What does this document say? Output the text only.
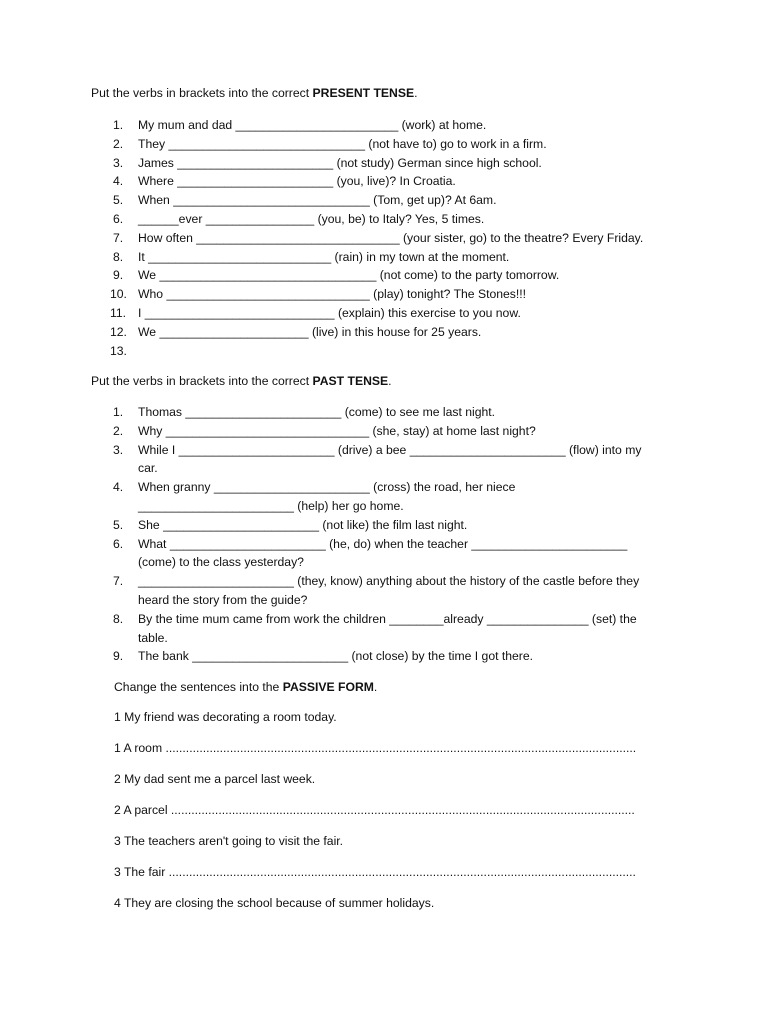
Put the verbs in brackets into the correct PRESENT TENSE.
1. My mum and dad ________________________ (work) at home.
2. They _____________________________ (not have to) go to work in a firm.
3. James _______________________ (not study) German since high school.
4. Where _______________________ (you, live)? In Croatia.
5. When _____________________________ (Tom, get up)? At 6am.
6. ______ever ________________ (you, be) to Italy? Yes, 5 times.
7. How often ______________________________ (your sister, go) to the theatre? Every Friday.
8. It ___________________________ (rain) in my town at the moment.
9. We ________________________________ (not come) to the party tomorrow.
10. Who ______________________________ (play) tonight? The Stones!!!
11. I ____________________________ (explain) this exercise to you now.
12. We ______________________ (live) in this house for 25 years.
13.
Put the verbs in brackets into the correct PAST TENSE.
1. Thomas _______________________ (come) to see me last night.
2. Why ______________________________ (she, stay) at home last night?
3. While I _______________________ (drive) a bee _______________________ (flow) into my
car.
4. When granny _______________________ (cross) the road, her niece
_______________________ (help) her go home.
5. She _______________________ (not like) the film last night.
6. What _______________________ (he, do) when the teacher _______________________
(come) to the class yesterday?
7. _______________________ (they, know) anything about the history of the castle before they
heard the story from the guide?
8. By the time mum came from work the children ________already _______________ (set) the
table.
9. The bank _______________________ (not close) by the time I got there.
Change the sentences into the PASSIVE FORM.
1 My friend was decorating a room today.
1 A room ...........................................................................................................................................
2 My dad sent me a parcel last week.
2 A parcel .........................................................................................................................................
3 The teachers aren't going to visit the fair.
3 The fair ..........................................................................................................................................
4 They are closing the school because of summer holidays.
